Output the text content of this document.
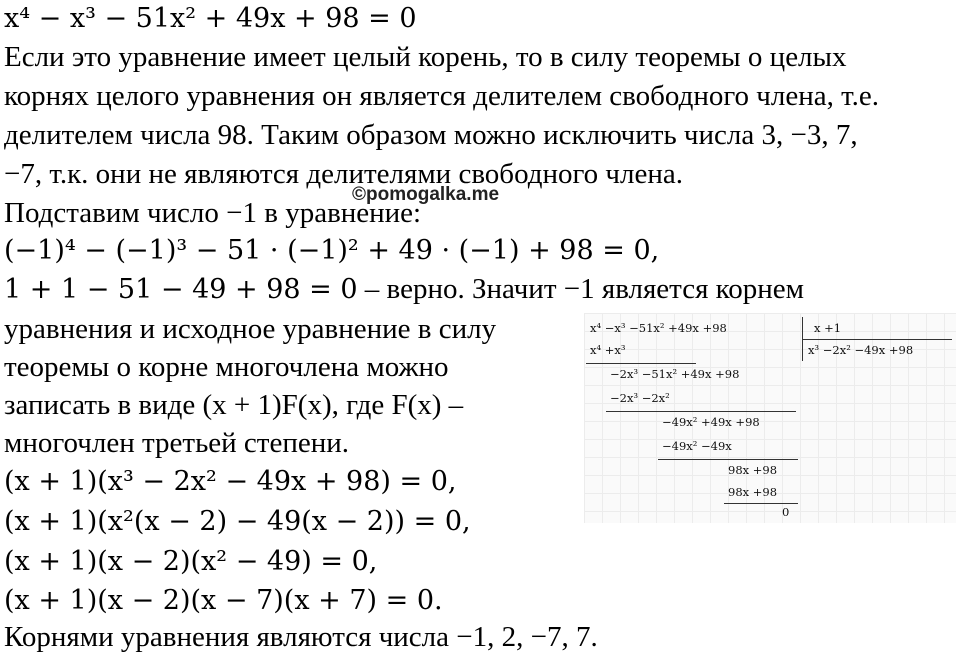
x⁴ − x³ − 51x² + 49x + 98 = 0
Если это уравнение имеет целый корень, то в силу теоремы о целых
корнях целого уравнения он является делителем свободного члена, т.е.
делителем числа 98. Таким образом можно исключить числа 3, −3, 7,
−7, т.к. они не являются делителями свободного члена.
©pomogalka.me
Подставим число −1 в уравнение:
(−1)⁴ − (−1)³ − 51 · (−1)² + 49 · (−1) + 98 = 0,
1 + 1 − 51 − 49 + 98 = 0 – верно. Значит −1 является корнем
уравнения и исходное уравнение в силу
теоремы о корне многочлена можно
записать в виде (x + 1)F(x), где F(x) –
многочлен третьей степени.
(x + 1)(x³ − 2x² − 49x + 98) = 0,
(x + 1)(x²(x − 2) − 49(x − 2)) = 0,
(x + 1)(x − 2)(x² − 49) = 0,
(x + 1)(x − 2)(x − 7)(x + 7) = 0.
Корнями уравнения являются числа −1, 2, −7, 7.
x⁴ −x³ −51x² +49x +98	x +1
x³ −2x² −49x +98
x⁴ +x³
−2x³ −51x² +49x +98
−2x³ −2x²
−49x² +49x +98
−49x² −49x
98x +98
98x +98
0
